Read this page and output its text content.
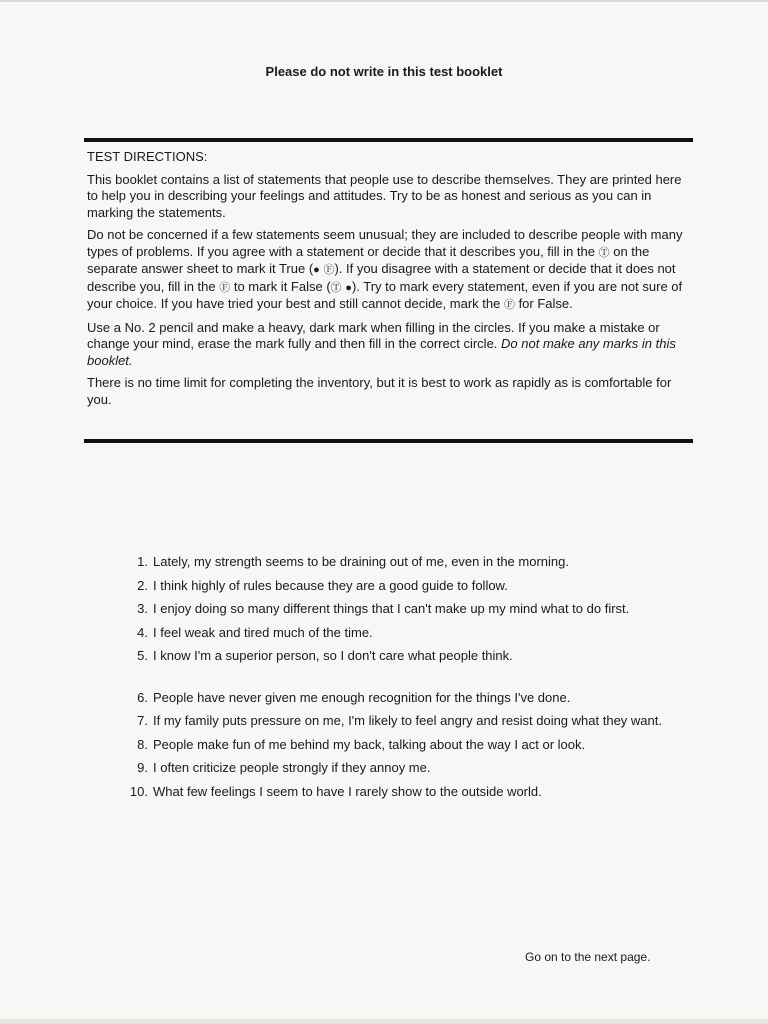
Please do not write in this test booklet

TEST DIRECTIONS:

This booklet contains a list of statements that people use to describe themselves. They are printed here to help you in describing your feelings and attitudes. Try to be as honest and serious as you can in marking the statements.

Do not be concerned if a few statements seem unusual; they are included to describe people with many types of problems. If you agree with a statement or decide that it describes you, fill in the Ⓣ on the separate answer sheet to mark it True (● Ⓕ). If you disagree with a statement or decide that it does not describe you, fill in the Ⓕ to mark it False (Ⓣ ●). Try to mark every statement, even if you are not sure of your choice. If you have tried your best and still cannot decide, mark the Ⓕ for False.

Use a No. 2 pencil and make a heavy, dark mark when filling in the circles. If you make a mistake or change your mind, erase the mark fully and then fill in the correct circle. Do not make any marks in this booklet.

There is no time limit for completing the inventory, but it is best to work as rapidly as is comfortable for you.

1. Lately, my strength seems to be draining out of me, even in the morning.
2. I think highly of rules because they are a good guide to follow.
3. I enjoy doing so many different things that I can't make up my mind what to do first.
4. I feel weak and tired much of the time.
5. I know I'm a superior person, so I don't care what people think.
6. People have never given me enough recognition for the things I've done.
7. If my family puts pressure on me, I'm likely to feel angry and resist doing what they want.
8. People make fun of me behind my back, talking about the way I act or look.
9. I often criticize people strongly if they annoy me.
10. What few feelings I seem to have I rarely show to the outside world.
Go on to the next page.
